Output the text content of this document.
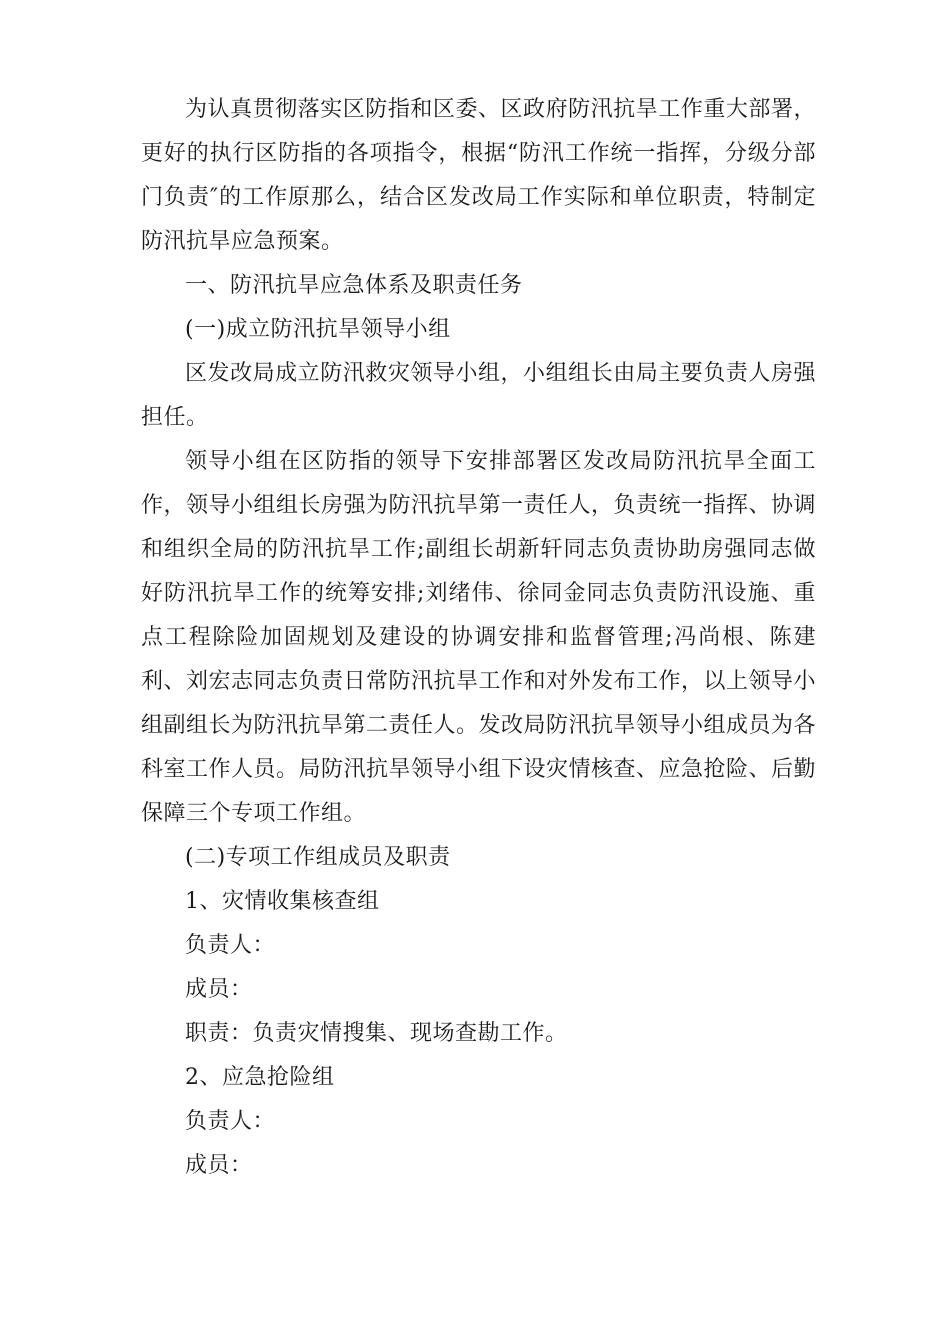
为认真贯彻落实区防指和区委、区政府防汛抗旱工作重大部署，更好的执行区防指的各项指令，根据“防汛工作统一指挥，分级分部门负责″的工作原那么，结合区发改局工作实际和单位职责，特制定防汛抗旱应急预案。

一、防汛抗旱应急体系及职责任务

(一)成立防汛抗旱领导小组

区发改局成立防汛救灾领导小组，小组组长由局主要负责人房强担任。

领导小组在区防指的领导下安排部署区发改局防汛抗旱全面工作，领导小组组长房强为防汛抗旱第一责任人，负责统一指挥、协调和组织全局的防汛抗旱工作;副组长胡新轩同志负责协助房强同志做好防汛抗旱工作的统筹安排;刘绪伟、徐同金同志负责防汛设施、重点工程除险加固规划及建设的协调安排和监督管理;冯尚根、陈建利、刘宏志同志负责日常防汛抗旱工作和对外发布工作，以上领导小组副组长为防汛抗旱第二责任人。发改局防汛抗旱领导小组成员为各科室工作人员。局防汛抗旱领导小组下设灾情核查、应急抢险、后勤保障三个专项工作组。

(二)专项工作组成员及职责

1、灾情收集核查组

负责人：

成员：

职责：负责灾情搜集、现场查勘工作。

2、应急抢险组

负责人：

成员：
